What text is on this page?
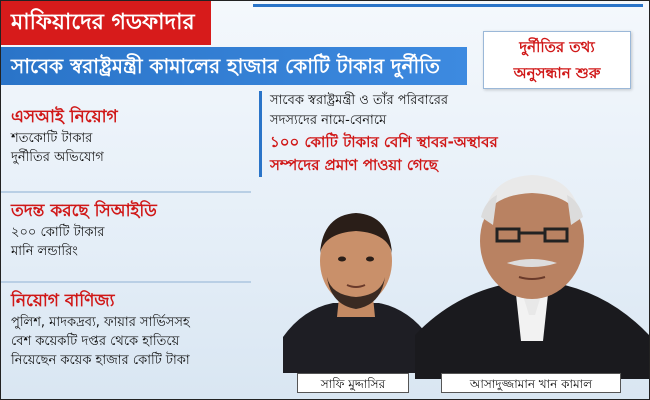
মাফিয়াদের গডফাদার
সাবেক স্বরাষ্ট্রমন্ত্রী কামালের হাজার কোটি টাকার দুর্নীতি
দুর্নীতির তথ্য
অনুসন্ধান শুরু
এসআই নিয়োগ
শতকোটি টাকার
দুর্নীতির অভিযোগ
তদন্ত করছে সিআইডি
২০০ কোটি টাকার
মানি লন্ডারিং
নিয়োগ বাণিজ্য
পুলিশ, মাদকদ্রব্য, ফায়ার সার্ভিসসহ
বেশ কয়েকটি দপ্তর থেকে হাতিয়ে
নিয়েছেন কয়েক হাজার কোটি টাকা
সাবেক স্বরাষ্ট্রমন্ত্রী ও তাঁর পরিবারের
সদস্যদের নামে-বেনামে
১০০ কোটি টাকার বেশি স্থাবর-অস্থাবর
সম্পদের প্রমাণ পাওয়া গেছে
সাফি মুদ্দাসির	আসাদুজ্জামান খান কামাল
